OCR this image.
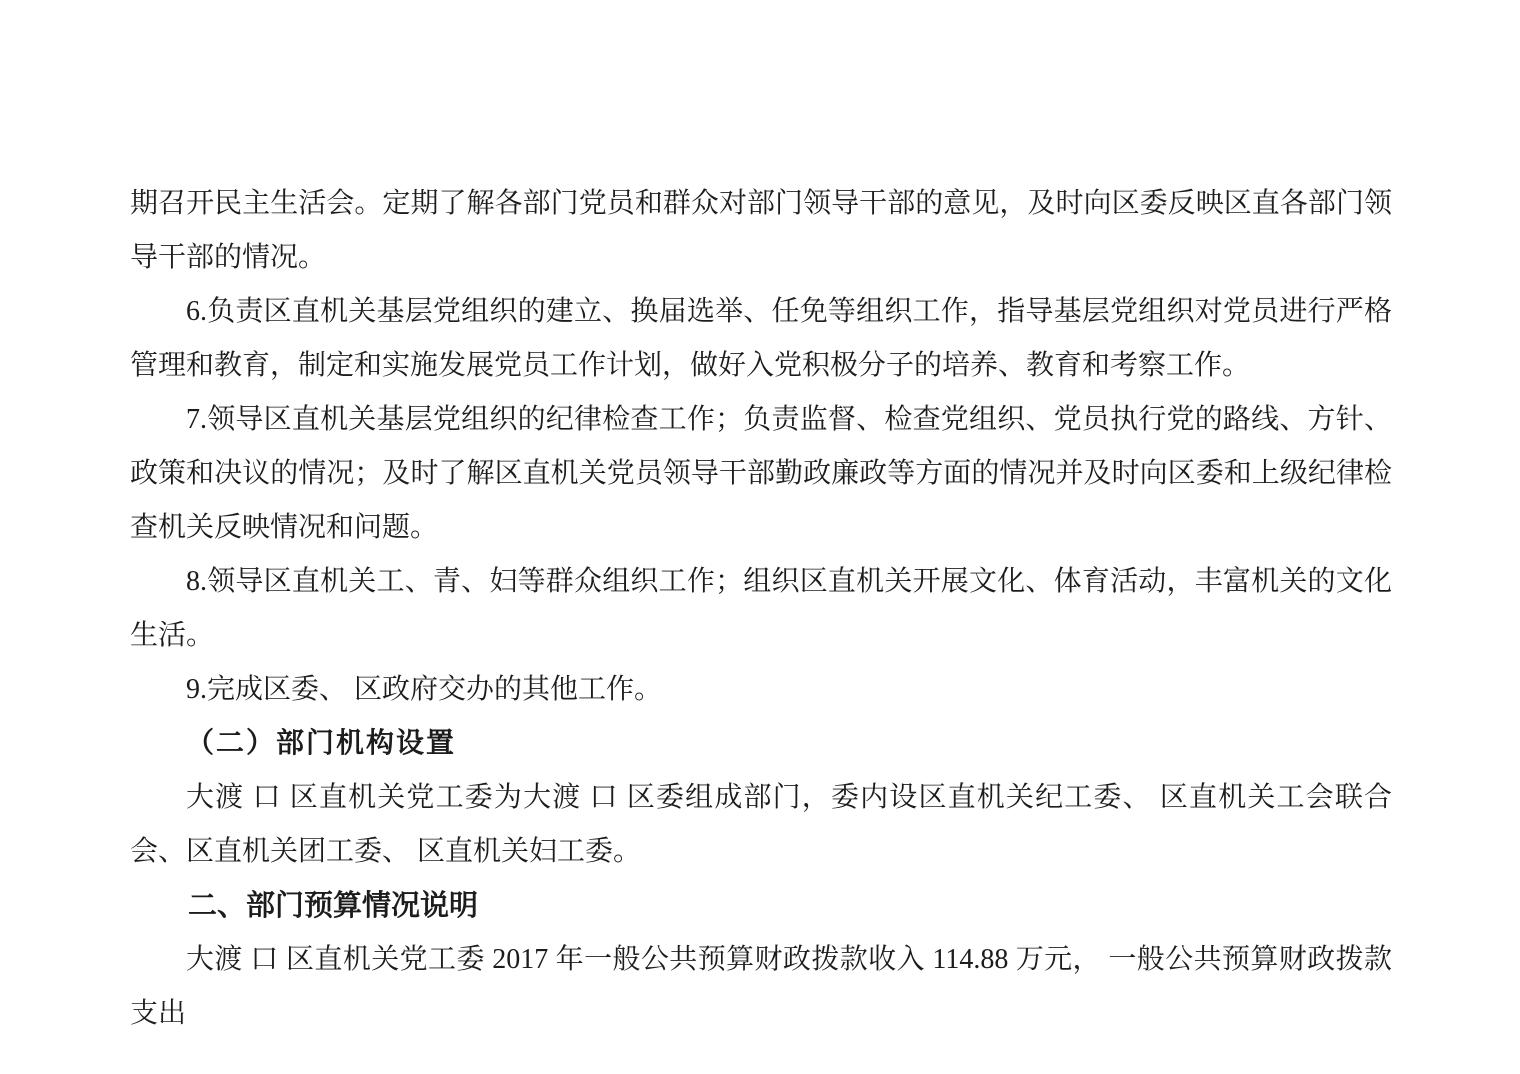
期召开民主生活会。定期了解各部门党员和群众对部门领导干部的意见，及时向区委反映区直各部门领导干部的情况。

6.负责区直机关基层党组织的建立、换届选举、任免等组织工作，指导基层党组织对党员进行严格管理和教育，制定和实施发展党员工作计划，做好入党积极分子的培养、教育和考察工作。

7.领导区直机关基层党组织的纪律检查工作；负责监督、检查党组织、党员执行党的路线、方针、政策和决议的情况；及时了解区直机关党员领导干部勤政廉政等方面的情况并及时向区委和上级纪律检查机关反映情况和问题。

8.领导区直机关工、青、妇等群众组织工作；组织区直机关开展文化、体育活动，丰富机关的文化生活。

9.完成区委、 区政府交办的其他工作。

（二）部门机构设置

大渡 口 区直机关党工委为大渡 口 区委组成部门，委内设区直机关纪工委、 区直机关工会联合会、区直机关团工委、 区直机关妇工委。

二、部门预算情况说明

大渡 口 区直机关党工委 2017 年一般公共预算财政拨款收入 114.88 万元， 一般公共预算财政拨款支出
